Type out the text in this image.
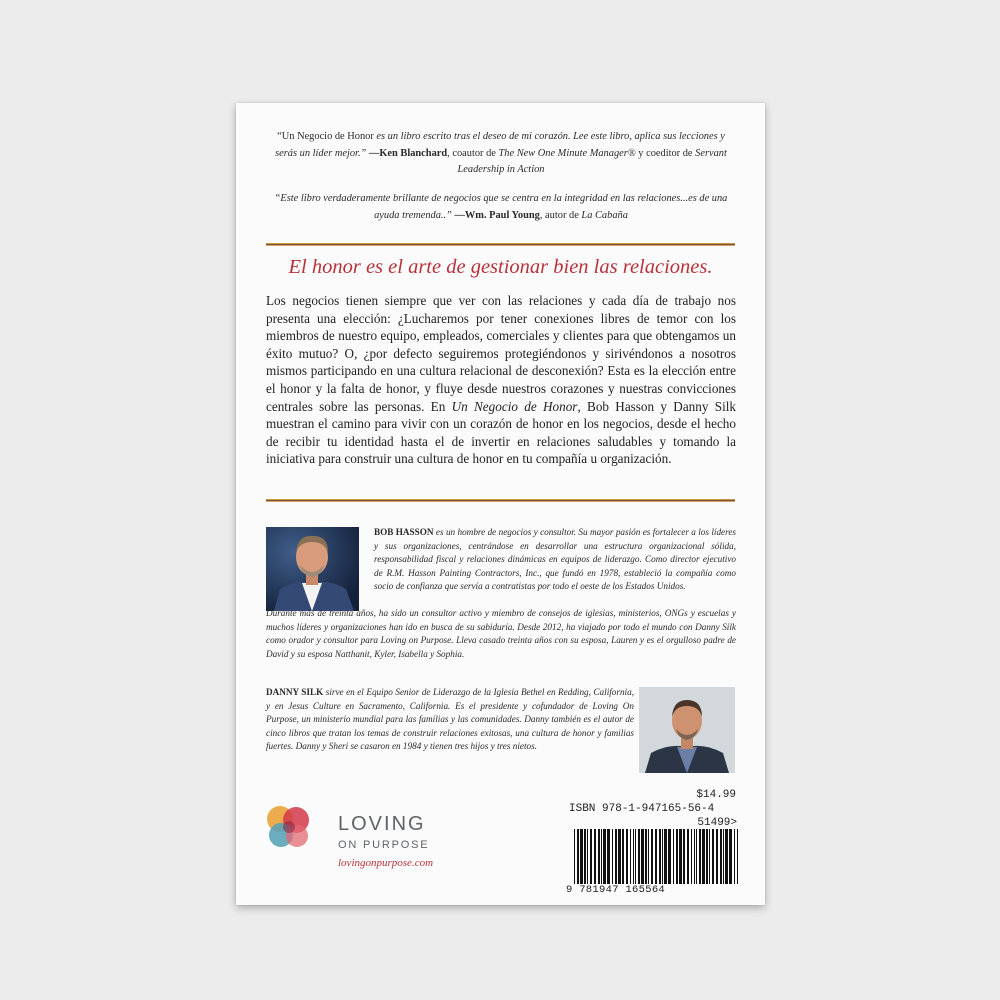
“Un Negocio de Honor es un libro escrito tras el deseo de mi corazón. Lee este libro, aplica sus lecciones y serás un líder mejor.” —Ken Blanchard, coautor de The New One Minute Manager® y coeditor de Servant Leadership in Action
“Este libro verdaderamente brillante de negocios que se centra en la integridad en las relaciones...es de una ayuda tremenda..” —Wm. Paul Young, autor de La Cabaña
El honor es el arte de gestionar bien las relaciones.
Los negocios tienen siempre que ver con las relaciones y cada día de trabajo nos presenta una elección: ¿Lucharemos por tener conexiones libres de temor con los miembros de nuestro equipo, empleados, comerciales y clientes para que obtengamos un éxito mutuo? O, ¿por defecto seguiremos protegiéndonos y sirivéndonos a nosotros mismos participando en una cultura relacional de desconexión? Esta es la elección entre el honor y la falta de honor, y fluye desde nuestros corazones y nuestras convicciones centrales sobre las personas. En Un Negocio de Honor, Bob Hasson y Danny Silk muestran el camino para vivir con un corazón de honor en los negocios, desde el hecho de recibir tu identidad hasta el de invertir en relaciones saludables y tomando la iniciativa para construir una cultura de honor en tu compañía u organización.
BOB HASSON es un hombre de negocios y consultor. Su mayor pasión es fortalecer a los líderes y sus organizaciones, centrándose en desarrollar una estructura organizacional sólida, responsabilidad fiscal y relaciones dinámicas en equipos de liderazgo. Como director ejecutivo de R.M. Hasson Painting Contractors, Inc., que fundó en 1978, estableció la compañía como socio de confianza que servía a contratistas por todo el oeste de los Estados Unidos.
Durante más de treinta años, ha sido un consultor activo y miembro de consejos de iglesias, ministerios, ONGs y escuelas y muchos líderes y organizaciones han ido en busca de su sabiduría. Desde 2012, ha viajado por todo el mundo con Danny Silk como orador y consultor para Loving on Purpose. Lleva casado treinta años con su esposa, Lauren y es el orgulloso padre de David y su esposa Natthanit, Kyler, Isabella y Sophia.
DANNY SILK sirve en el Equipo Senior de Liderazgo de la Iglesia Bethel en Redding, California, y en Jesus Culture en Sacramento, California. Es el presidente y cofundador de Loving On Purpose, un ministerio mundial para las familias y las comunidades. Danny también es el autor de cinco libros que tratan los temas de construir relaciones exitosas, una cultura de honor y familias fuertes. Danny y Sheri se casaron en 1984 y tienen tres hijos y tres nietos.
LOVING
ON PURPOSE
lovingonpurpose.com
$14.99
ISBN 978-1-947165-56-4
51499>
9 781947 165564
